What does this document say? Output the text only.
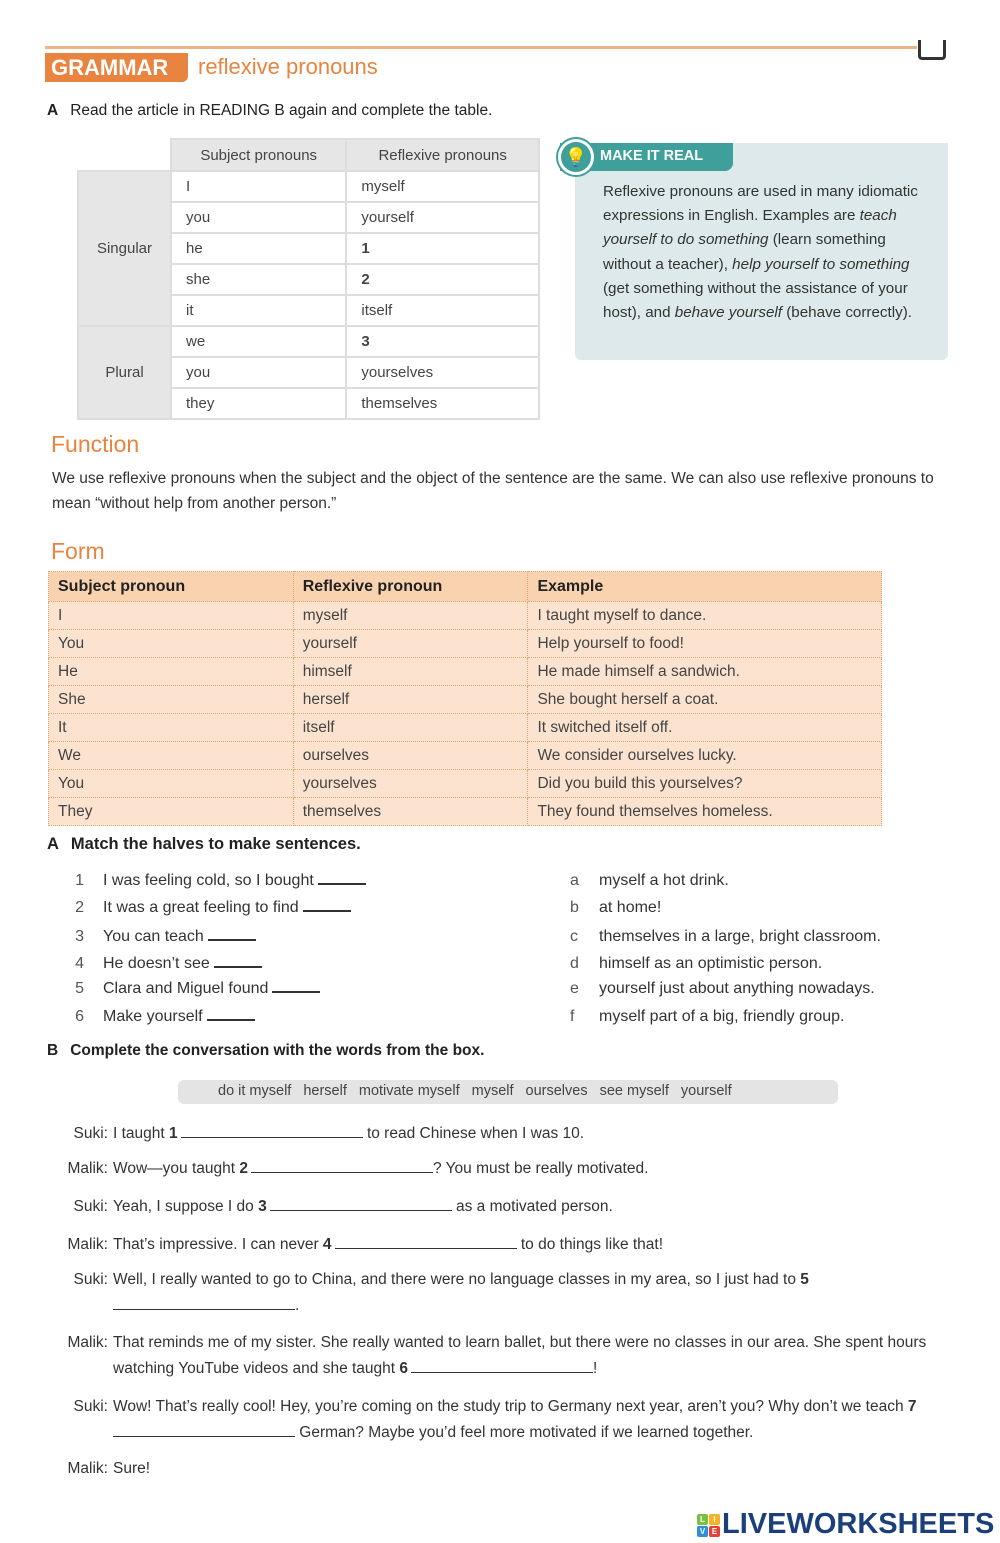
GRAMMAR	reflexive pronouns
A Read the article in READING B again and complete the table.
	Subject pronouns	Reflexive pronouns
Singular	I	myself
	you	yourself
	he	1
	she	2
	it	itself
Plural	we	3
	you	yourselves
	they	themselves
Reflexive pronouns are used in many idiomatic expressions in English. Examples are teach yourself to do something (learn something without a teacher), help yourself to something (get something without the assistance of your host), and behave yourself (behave correctly).
MAKE IT REAL
💡
Function
We use reflexive pronouns when the subject and the object of the sentence are the same. We can also use reflexive pronouns to mean “without help from another person.”
Form
Subject pronoun	Reflexive pronoun	Example
I	myself	I taught myself to dance.
You	yourself	Help yourself to food!
He	himself	He made himself a sandwich.
She	herself	She bought herself a coat.
It	itself	It switched itself off.
We	ourselves	We consider ourselves lucky.
You	yourselves	Did you build this yourselves?
They	themselves	They found themselves homeless.
A Match the halves to make sentences.
1 I was feeling cold, so I bought	a myself a hot drink.
2 It was a great feeling to find	b at home!
3 You can teach	c themselves in a large, bright classroom.
4 He doesn’t see	d himself as an optimistic person.
5 Clara and Miguel found	e yourself just about anything nowadays.
6 Make yourself	f myself part of a big, friendly group.
B Complete the conversation with the words from the box.
do it myself herself motivate myself myself ourselves see myself yourself
Suki: I taught 1	to read Chinese when I was 10.
Malik: Wow—you taught 2	? You must be really motivated.
Suki: Yeah, I suppose I do 3	as a motivated person.
Malik: That’s impressive. I can never 4	to do things like that!
Suki: Well, I really wanted to go to China, and there were no language classes in my area, so I just had to 5.
Malik: That reminds me of my sister. She really wanted to learn ballet, but there were no classes in our area. She spent hours watching YouTube videos and she taught 6	!
Suki: Wow! That’s really cool! Hey, you’re coming on the study trip to Germany next year, aren’t you? Why don’t we teach 7 German? Maybe you’d feel more motivated if we learned together.
Malik: Sure!
L	I
V E LIVEWORKSHEETS
